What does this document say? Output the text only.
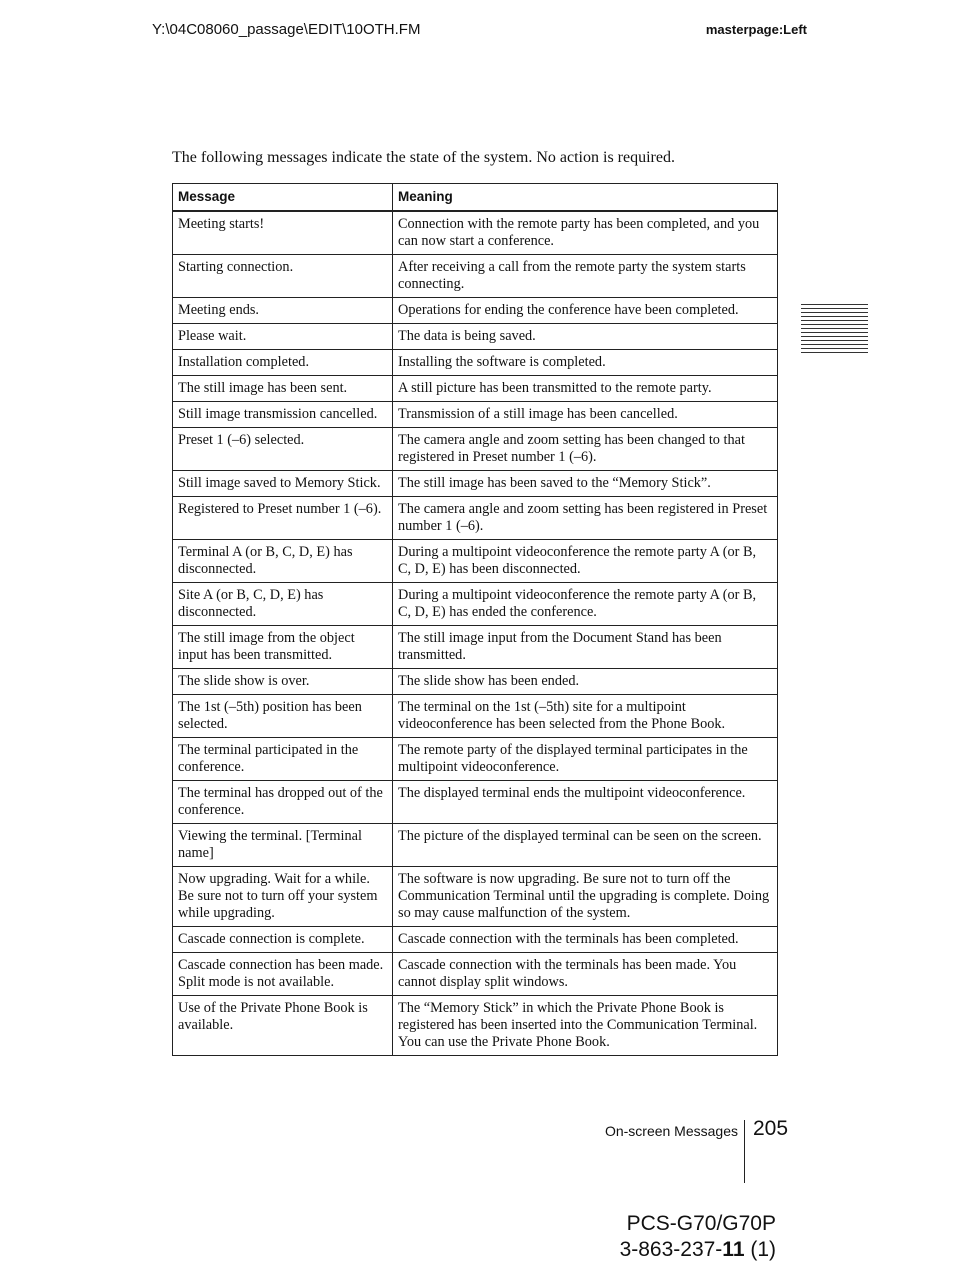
Y:\04C08060_passage\EDIT\10OTH.FM	masterpage:Left
The following messages indicate the state of the system. No action is required.
Message	Meaning
Meeting starts!	Connection with the remote party has been completed, and you can now start a conference.
Starting connection.	After receiving a call from the remote party the system starts connecting.
Meeting ends.	Operations for ending the conference have been completed.
Please wait.	The data is being saved.
Installation completed.	Installing the software is completed.
The still image has been sent.	A still picture has been transmitted to the remote party.
Still image transmission cancelled.	Transmission of a still image has been cancelled.
Preset 1 (–6) selected.	The camera angle and zoom setting has been changed to that registered in Preset number 1 (–6).
Still image saved to Memory Stick.	The still image has been saved to the “Memory Stick”.
Registered to Preset number 1 (–6).	The camera angle and zoom setting has been registered in Preset number 1 (–6).
Terminal A (or B, C, D, E) has disconnected.	During a multipoint videoconference the remote party A (or B, C, D, E) has been disconnected.
Site A (or B, C, D, E) has disconnected.	During a multipoint videoconference the remote party A (or B, C, D, E) has ended the conference.
The still image from the object input has been transmitted.	The still image input from the Document Stand has been transmitted.
The slide show is over.	The slide show has been ended.
The 1st (–5th) position has been selected.	The terminal on the 1st (–5th) site for a multipoint videoconference has been selected from the Phone Book.
The terminal participated in the conference.	The remote party of the displayed terminal participates in the multipoint videoconference.
The terminal has dropped out of the conference.	The displayed terminal ends the multipoint videoconference.
Viewing the terminal. [Terminal name]	The picture of the displayed terminal can be seen on the screen.
Now upgrading. Wait for a while. Be sure not to turn off your system while upgrading.	The software is now upgrading. Be sure not to turn off the Communication Terminal until the upgrading is complete. Doing so may cause malfunction of the system.
Cascade connection is complete.	Cascade connection with the terminals has been completed.
Cascade connection has been made. Split mode is not available.	Cascade connection with the terminals has been made. You cannot display split windows.
Use of the Private Phone Book is available.	The “Memory Stick” in which the Private Phone Book is registered has been inserted into the Communication Terminal. You can use the Private Phone Book.
On-screen Messages 205
PCS-G70/G70P
3-863-237-11 (1)
